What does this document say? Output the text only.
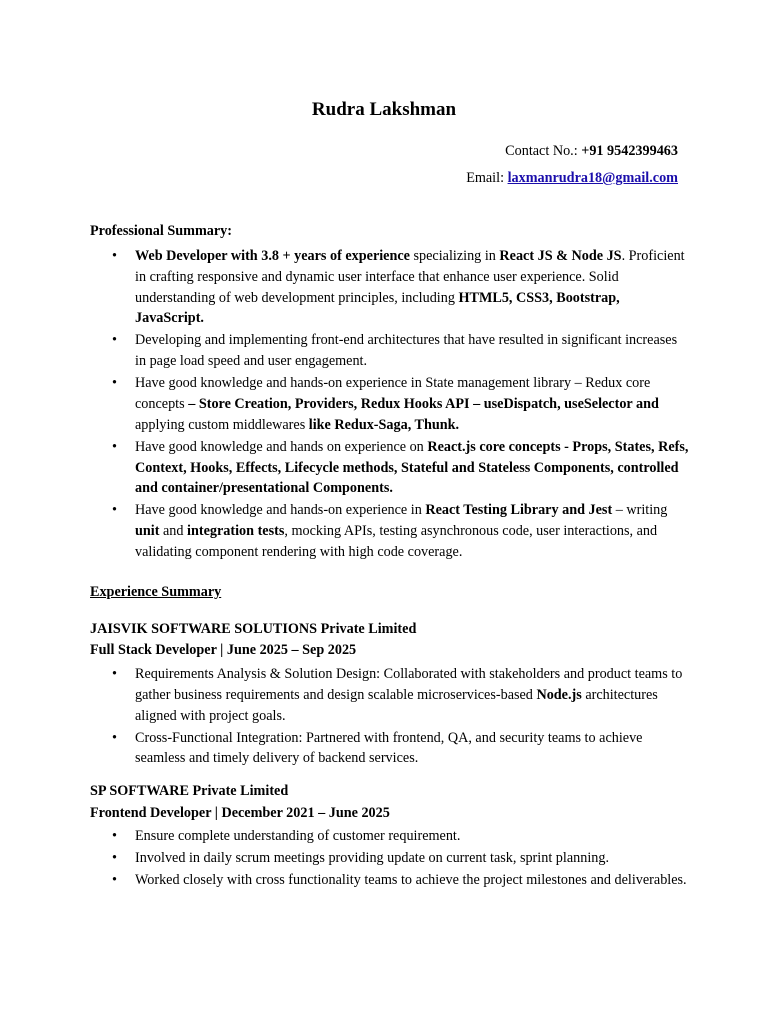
Rudra Lakshman
Contact No.: +91 9542399463
Email: laxmanrudra18@gmail.com
Professional Summary:
• Web Developer with 3.8 + years of experience specializing in React JS & Node JS. Proficient in crafting responsive and dynamic user interface that enhance user experience. Solid understanding of web development principles, including HTML5, CSS3, Bootstrap, JavaScript.
• Developing and implementing front-end architectures that have resulted in significant increases in page load speed and user engagement.
• Have good knowledge and hands-on experience in State management library – Redux core concepts – Store Creation, Providers, Redux Hooks API – useDispatch, useSelector and applying custom middlewares like Redux-Saga, Thunk.
• Have good knowledge and hands on experience on React.js core concepts - Props, States, Refs, Context, Hooks, Effects, Lifecycle methods, Stateful and Stateless Components, controlled and container/presentational Components.
• Have good knowledge and hands-on experience in React Testing Library and Jest – writing unit and integration tests, mocking APIs, testing asynchronous code, user interactions, and validating component rendering with high code coverage.
Experience Summary
JAISVIK SOFTWARE SOLUTIONS Private Limited
Full Stack Developer | June 2025 – Sep 2025
• Requirements Analysis & Solution Design: Collaborated with stakeholders and product teams to gather business requirements and design scalable microservices-based Node.js architectures aligned with project goals.
• Cross-Functional Integration: Partnered with frontend, QA, and security teams to achieve seamless and timely delivery of backend services.
SP SOFTWARE Private Limited
Frontend Developer | December 2021 – June 2025
• Ensure complete understanding of customer requirement.
• Involved in daily scrum meetings providing update on current task, sprint planning.
• Worked closely with cross functionality teams to achieve the project milestones and deliverables.
